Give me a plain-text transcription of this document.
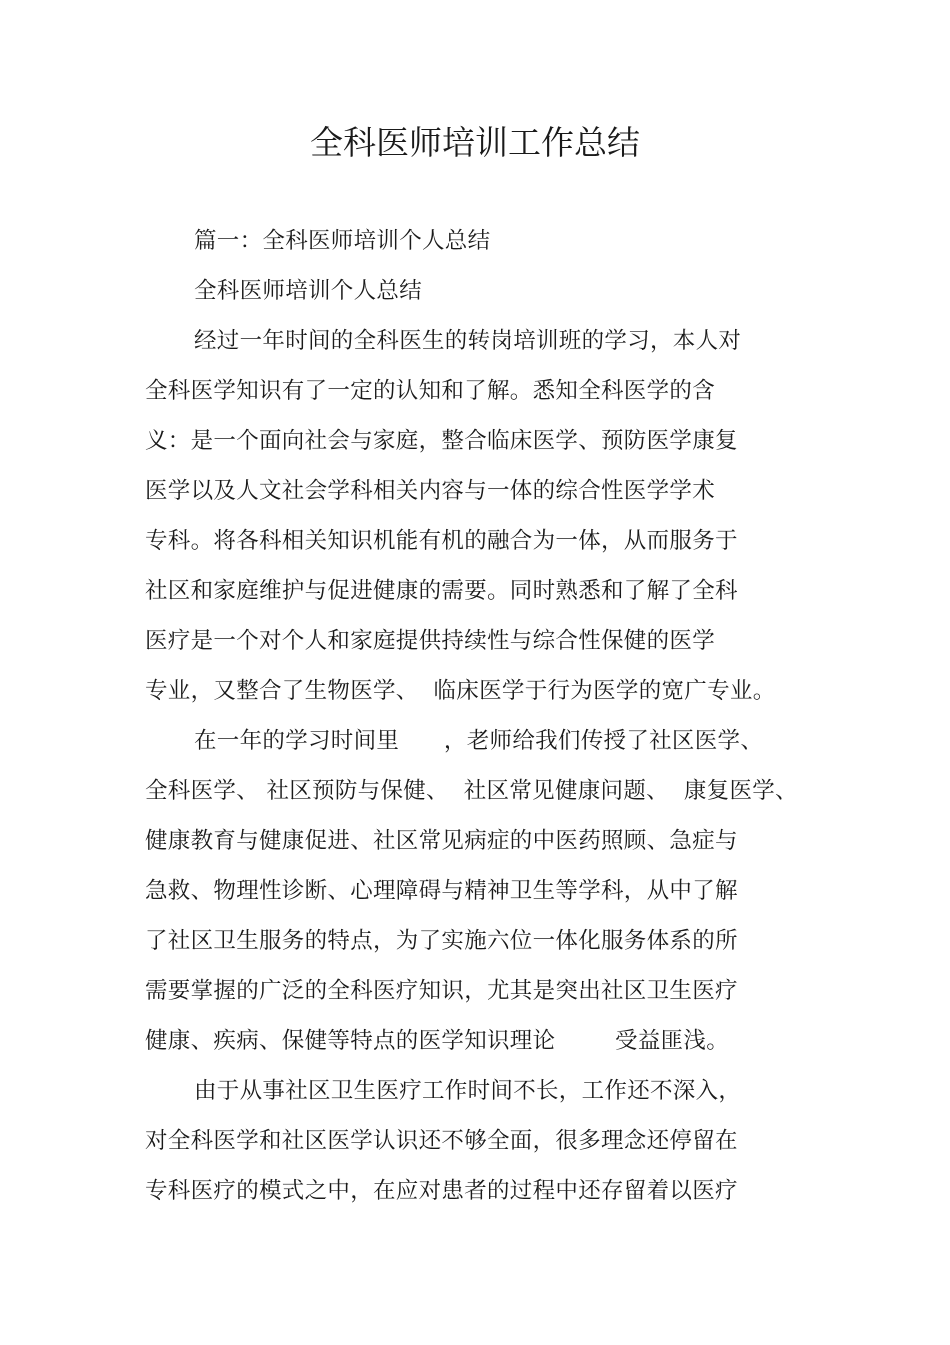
全科医师培训工作总结
篇一：全科医师培训个人总结
全科医师培训个人总结
经过一年时间的全科医生的转岗培训班的学习，本人对
全科医学知识有了一定的认知和了解。悉知全科医学的含
义：是一个面向社会与家庭，整合临床医学、预防医学康复
医学以及人文社会学科相关内容与一体的综合性医学学术
专科。将各科相关知识机能有机的融合为一体，从而服务于
社区和家庭维护与促进健康的需要。同时熟悉和了解了全科
医疗是一个对个人和家庭提供持续性与综合性保健的医学
专业，又整合了生物医学、  临床医学于行为医学的宽广专业。
在一年的学习时间里      ，老师给我们传授了社区医学、
全科医学、 社区预防与保健、  社区常见健康问题、  康复医学、
健康教育与健康促进、社区常见病症的中医药照顾、急症与
急救、物理性诊断、心理障碍与精神卫生等学科，从中了解
了社区卫生服务的特点，为了实施六位一体化服务体系的所
需要掌握的广泛的全科医疗知识，尤其是突出社区卫生医疗
健康、疾病、保健等特点的医学知识理论        受益匪浅。
由于从事社区卫生医疗工作时间不长，工作还不深入，
对全科医学和社区医学认识还不够全面，很多理念还停留在
专科医疗的模式之中，在应对患者的过程中还存留着以医疗
